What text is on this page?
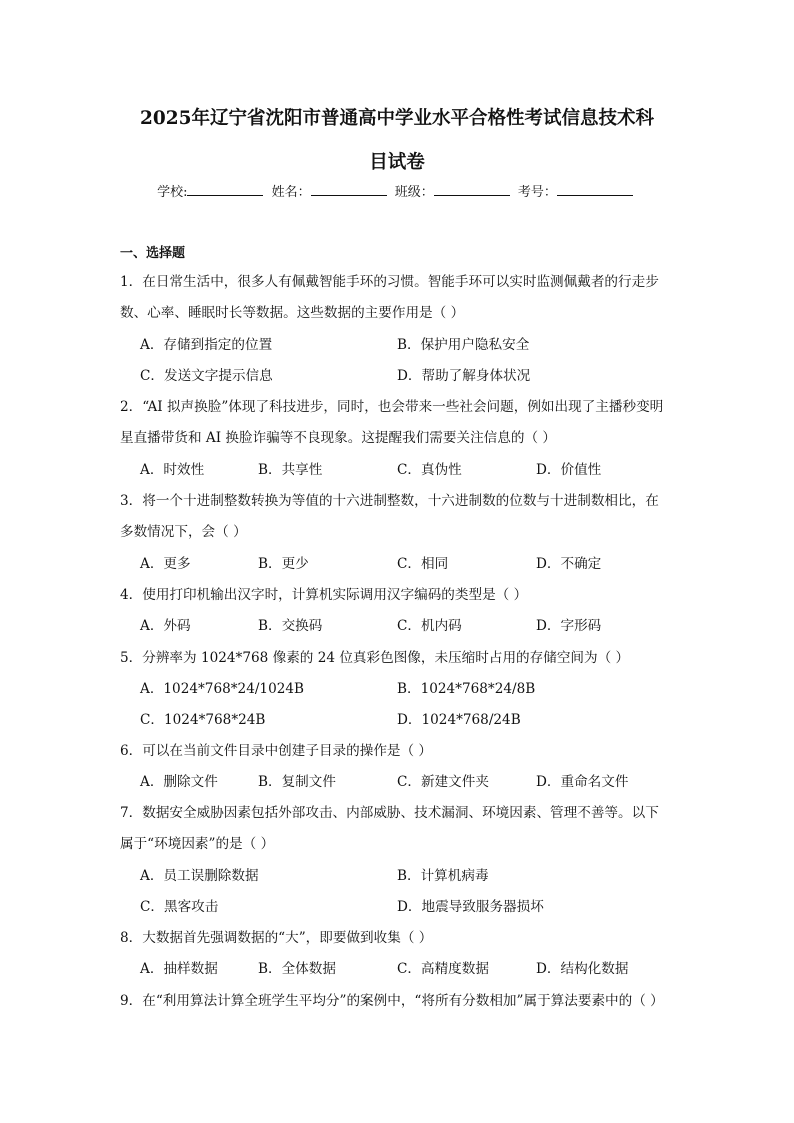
2025年辽宁省沈阳市普通高中学业水平合格性考试信息技术科
目试卷
学校:	姓名：	班级：	考号：
一、选择题
1．在日常生活中，很多人有佩戴智能手环的习惯。智能手环可以实时监测佩戴者的行走步
数、心率、睡眠时长等数据。这些数据的主要作用是（ ）
A．存储到指定的位置	B．保护用户隐私安全
C．发送文字提示信息	D．帮助了解身体状况
2．“AI 拟声换脸”体现了科技进步，同时，也会带来一些社会问题，例如出现了主播秒变明
星直播带货和 AI 换脸诈骗等不良现象。这提醒我们需要关注信息的（ ）
A．时效性	B．共享性	C．真伪性	D．价值性
3．将一个十进制整数转换为等值的十六进制整数，十六进制数的位数与十进制数相比，在
多数情况下，会（ ）
A．更多	B．更少	C．相同	D．不确定
4．使用打印机输出汉字时，计算机实际调用汉字编码的类型是（ ）
A．外码	B．交换码	C．机内码	D．字形码
5．分辨率为 1024*768 像素的 24 位真彩色图像，未压缩时占用的存储空间为（ ）
A．1024*768*24/1024B	B．1024*768*24/8B
C．1024*768*24B	D．1024*768/24B
6．可以在当前文件目录中创建子目录的操作是（ ）
A．删除文件	B．复制文件	C．新建文件夹	D．重命名文件
7．数据安全威胁因素包括外部攻击、内部威胁、技术漏洞、环境因素、管理不善等。以下
属于“环境因素”的是（ ）
A．员工误删除数据	B．计算机病毒
C．黑客攻击	D．地震导致服务器损坏
8．大数据首先强调数据的“大”，即要做到收集（ ）
A．抽样数据	B．全体数据	C．高精度数据	D．结构化数据
9．在“利用算法计算全班学生平均分”的案例中，“将所有分数相加”属于算法要素中的（ ）
